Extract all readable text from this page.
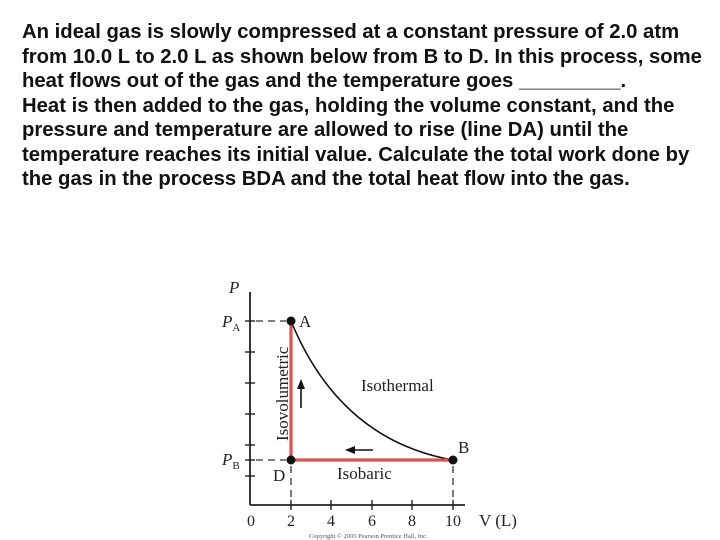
An ideal gas is slowly compressed at a constant pressure of 2.0 atm from 10.0 L to 2.0 L as shown below from B to D. In this process, some heat flows out of the gas and the temperature goes _________.
Heat is then added to the gas, holding the volume constant, and the pressure and temperature are allowed to rise (line DA) until the temperature reaches its initial value. Calculate the total work done by the gas in the process BDA and the total heat flow into the gas.
P
0 2 4 6 8 10 V (L)
$P_A$
$P_B$
A
B
D
Isovolumetric	Isothermal
Isobaric
Copyright © 2005 Pearson Prentice Hall, Inc.
